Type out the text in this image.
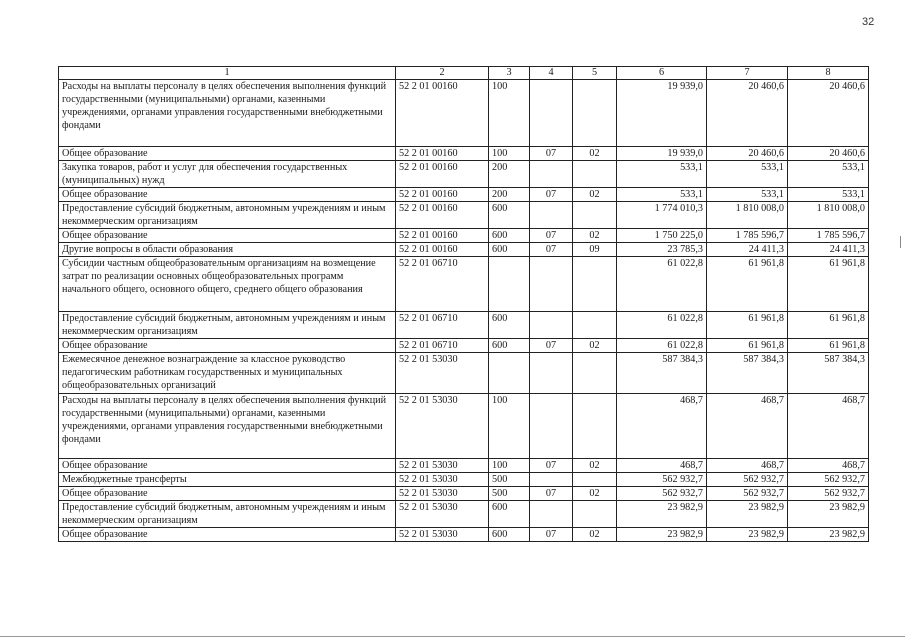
32
1	2	3	4	5	6	7	8
Расходы на выплаты персоналу в целях обеспечения выполнения функций государственными (муниципальными) органами, казенными учреждениями, органами управления государственными внебюджетными фондами	52 2 01 00160	100			19 939,0	20 460,6	20 460,6
Общее образование	52 2 01 00160	100	07	02	19 939,0	20 460,6	20 460,6
Закупка товаров, работ и услуг для обеспечения государственных (муниципальных) нужд	52 2 01 00160	200			533,1	533,1	533,1
Общее образование	52 2 01 00160	200	07	02	533,1	533,1	533,1
Предоставление субсидий бюджетным, автономным учреждениям и иным некоммерческим организациям	52 2 01 00160	600			1 774 010,3	1 810 008,0	1 810 008,0
Общее образование	52 2 01 00160	600	07	02	1 750 225,0	1 785 596,7	1 785 596,7
Другие вопросы в области образования	52 2 01 00160	600	07	09	23 785,3	24 411,3	24 411,3
Субсидии частным общеобразовательным организациям на возмещение затрат по реализации основных общеобразовательных программ начального общего, основного общего, среднего общего образования	52 2 01 06710				61 022,8	61 961,8	61 961,8
Предоставление субсидий бюджетным, автономным учреждениям и иным некоммерческим организациям	52 2 01 06710	600			61 022,8	61 961,8	61 961,8
Общее образование	52 2 01 06710	600	07	02	61 022,8	61 961,8	61 961,8
Ежемесячное денежное вознаграждение за классное руководство педагогическим работникам государственных и муниципальных общеобразовательных организаций	52 2 01 53030				587 384,3	587 384,3	587 384,3
Расходы на выплаты персоналу в целях обеспечения выполнения функций государственными (муниципальными) органами, казенными учреждениями, органами управления государственными внебюджетными фондами	52 2 01 53030	100			468,7	468,7	468,7
Общее образование	52 2 01 53030	100	07	02	468,7	468,7	468,7
Межбюджетные трансферты	52 2 01 53030	500			562 932,7	562 932,7	562 932,7
Общее образование	52 2 01 53030	500	07	02	562 932,7	562 932,7	562 932,7
Предоставление субсидий бюджетным, автономным учреждениям и иным некоммерческим организациям	52 2 01 53030	600			23 982,9	23 982,9	23 982,9
Общее образование	52 2 01 53030	600	07	02	23 982,9	23 982,9	23 982,9
